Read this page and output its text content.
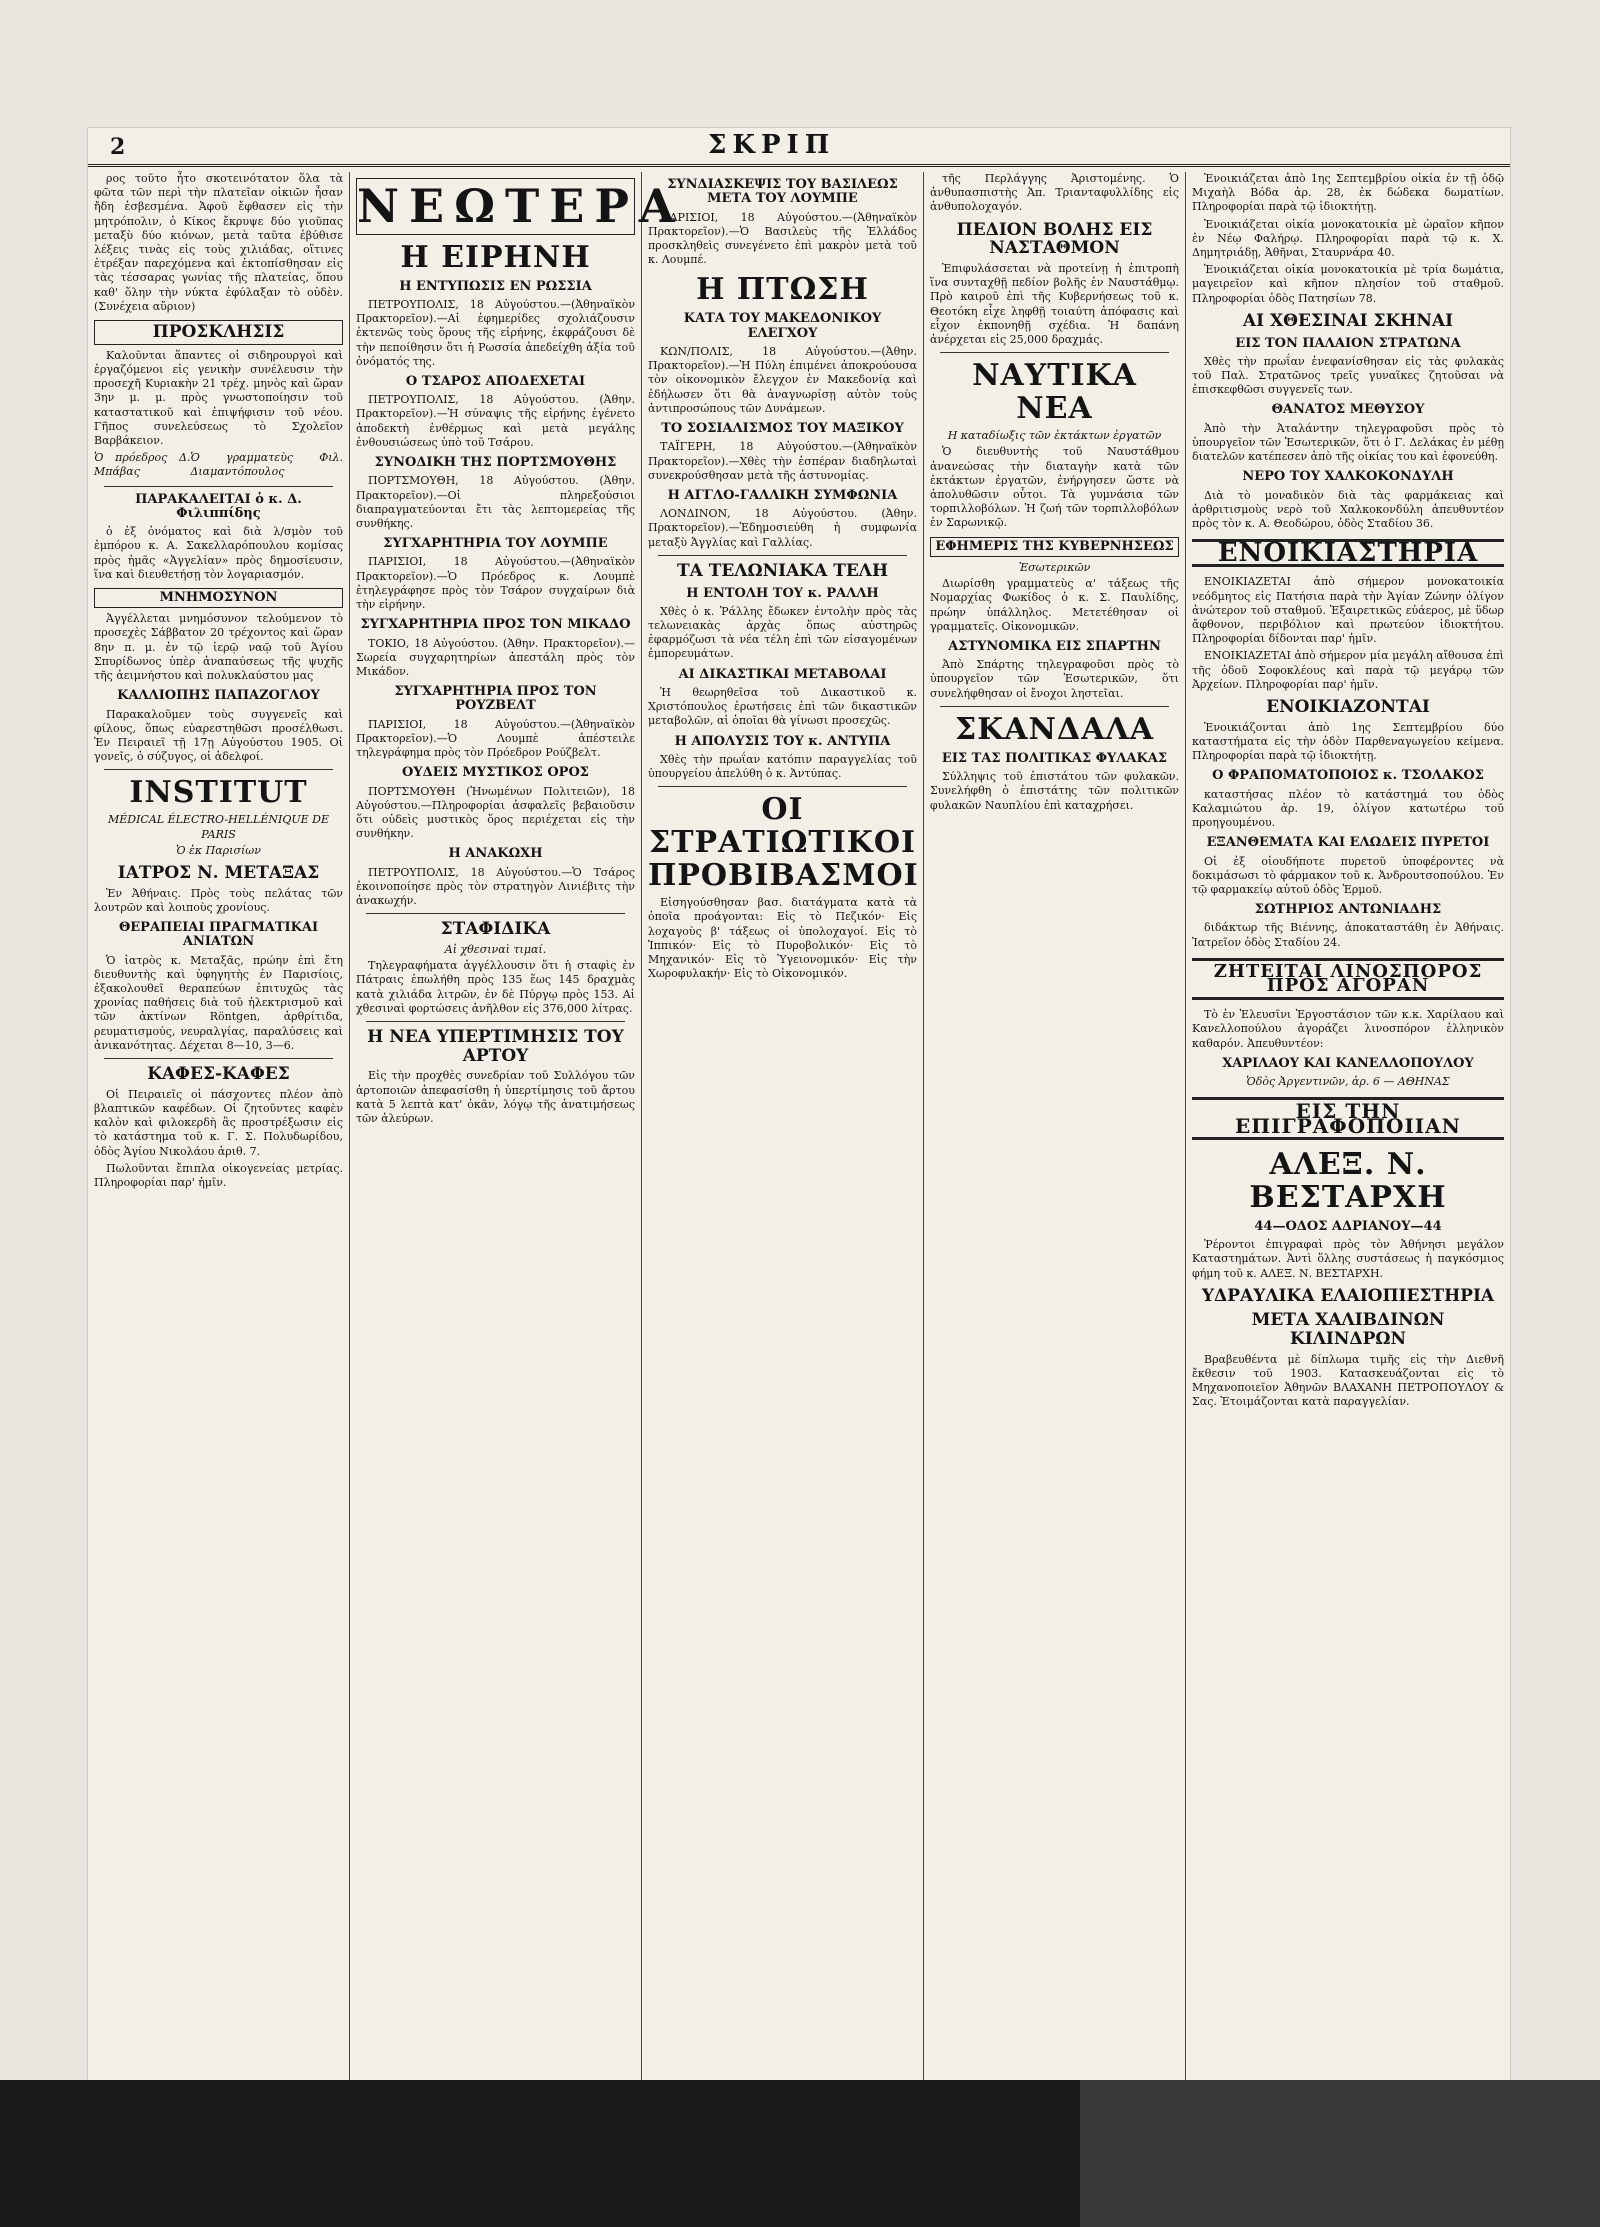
2	ΣΚΡΙΠ

ρος τοῦτο ἦτο σκοτεινότατον ὅλα τὰ φῶτα τῶν περὶ τὴν πλατεῖαν οἰκιῶν ἦσαν ἤδη ἐσβεσμένα. Ἀφοῦ ἔφθασεν εἰς τὴν μητρόπολιν, ὁ Κίκος ἔκρυψε δύο γιοῦπας μεταξὺ δύο κιόνων, μετὰ ταῦτα ἐβύθισε λέξεις τινὰς εἰς τοὺς χιλιάδας, οἵτινες ἐτρέξαν παρεχόμενα καὶ ἐκτοπίσθησαν εἰς τὰς τέσσαρας γωνίας τῆς πλατείας, ὅπου καθ' ὅλην τὴν νύκτα ἐφύλαξαν τὸ οὐδὲν. (Συνέχεια αὔριον)

ΠΡΟΣΚΛΗΣΙΣ

Καλοῦνται ἅπαντες οἱ σιδηρουργοὶ καὶ ἐργαζόμενοι εἰς γενικὴν συνέλευσιν τὴν προσεχῆ Κυριακὴν 21 τρέχ. μηνὸς καὶ ὥραν 3ην μ. μ. πρὸς γνωστοποίησιν τοῦ καταστατικοῦ καὶ ἐπιψήφισιν τοῦ νέου. Γῆπος συνελεύσεως τὸ Σχολεῖον Βαρβάκειον.

Ὁ πρόεδρος Δ. Μπάβας
Ὁ γραμματεὺς Φιλ. Διαμαντόπουλος
ΠΑΡΑΚΑΛΕΙΤΑΙ ὁ κ. Δ. Φιλιππίδης

ὁ ἐξ ὀνόματος καὶ διὰ λ/σμὸν τοῦ ἐμπόρου κ. Α. Σακελλαρόπουλου κομίσας πρὸς ἡμᾶς «Ἀγγελίαν» πρὸς δημοσίευσιν, ἵνα καὶ διευθετήσῃ τὸν λογαριασμόν.

ΜΝΗΜΟΣΥΝΟΝ

Ἀγγέλλεται μνημόσυνον τελούμενον τὸ προσεχὲς Σάββατον 20 τρέχοντος καὶ ὥραν 8ην π. μ. ἐν τῷ ἱερῷ ναῷ τοῦ Ἁγίου Σπυρίδωνος ὑπὲρ ἀναπαύσεως τῆς ψυχῆς τῆς ἀειμνήστου καὶ πολυκλαύστου μας

ΚΑΛΛΙΟΠΗΣ ΠΑΠΑΖΟΓΛΟΥ

Παρακαλοῦμεν τοὺς συγγενεῖς καὶ φίλους, ὅπως εὐαρεστηθῶσι προσέλθωσι. Ἐν Πειραιεῖ τῇ 17ῃ Αὐγούστου 1905. Οἱ γονεῖς, ὁ σύζυγος, οἱ ἀδελφοί.

INSTITUT
MÉDICAL ÉLECTRO-HELLÉNIQUE DE PARIS
Ὁ ἐκ Παρισίων
ΙΑΤΡΟΣ Ν. ΜΕΤΑΞΑΣ

Ἐν Ἀθήναις. Πρὸς τοὺς πελάτας τῶν λουτρῶν καὶ λοιποὺς χρονίους.

ΘΕΡΑΠΕΙΑΙ ΠΡΑΓΜΑΤΙΚΑΙ ΑΝΙΑΤΩΝ

Ὁ ἰατρὸς κ. Μεταξᾶς, πρώην ἐπὶ ἔτη διευθυντὴς καὶ ὑφηγητὴς ἐν Παρισίοις, ἐξακολουθεῖ θεραπεύων ἐπιτυχῶς τὰς χρονίας παθήσεις διὰ τοῦ ἠλεκτρισμοῦ καὶ τῶν ἀκτίνων Röntgen, ἀρθρίτιδα, ρευματισμούς, νευραλγίας, παραλύσεις καὶ ἀνικανότητας. Δέχεται 8—10, 3—6.

ΚΑΦΕΣ-ΚΑΦΕΣ

Οἱ Πειραιεῖς οἱ πάσχοντες πλέον ἀπὸ βλαπτικῶν καφέδων. Οἱ ζητοῦντες καφὲν καλὸν καὶ φιλοκερδὴ ἃς προστρέξωσιν εἰς τὸ κατάστημα τοῦ κ. Γ. Σ. Πολυδωρίδου, ὁδὸς Ἁγίου Νικολάου ἀριθ. 7.

Πωλοῦνται ἔπιπλα οἰκογενείας μετρίας. Πληροφορίαι παρ' ἡμῖν.

ΝΕΩΤΕΡΑ
Η ΕΙΡΗΝΗ
Η ΕΝΤΥΠΩΣΙΣ ΕΝ ΡΩΣΣΙΑ

ΠΕΤΡΟΥΠΟΛΙΣ, 18 Αὐγούστου.—(Ἀθηναϊκὸν Πρακτορεῖον).—Αἱ ἐφημερίδες σχολιάζουσιν ἐκτενῶς τοὺς ὅρους τῆς εἰρήνης, ἐκφράζουσι δὲ τὴν πεποίθησιν ὅτι ἡ Ρωσσία ἀπεδείχθη ἀξία τοῦ ὀνόματός της.

Ο ΤΣΑΡΟΣ ΑΠΟΔΕΧΕΤΑΙ

ΠΕΤΡΟΥΠΟΛΙΣ, 18 Αὐγούστου. (Ἀθην. Πρακτορεῖον).—Ἡ σύναψις τῆς εἰρήνης ἐγένετο ἀποδεκτὴ ἐνθέρμως καὶ μετὰ μεγάλης ἐνθουσιώσεως ὑπὸ τοῦ Τσάρου.

ΣΥΝΟΔΙΚΗ ΤΗΣ ΠΟΡΤΣΜΟΥΘΗΣ

ΠΟΡΤΣΜΟΥΘΗ, 18 Αὐγούστου. (Ἀθην. Πρακτορεῖον).—Οἱ πληρεξούσιοι διαπραγματεύονται ἔτι τὰς λεπτομερείας τῆς συνθήκης.

ΣΥΓΧΑΡΗΤΗΡΙΑ ΤΟΥ ΛΟΥΜΠΕ

ΠΑΡΙΣΙΟΙ, 18 Αὐγούστου.—(Ἀθηναϊκὸν Πρακτορεῖον).—Ὁ Πρόεδρος κ. Λουμπὲ ἐτηλεγράφησε πρὸς τὸν Τσάρον συγχαίρων διὰ τὴν εἰρήνην.

ΣΥΓΧΑΡΗΤΗΡΙΑ ΠΡΟΣ ΤΟΝ ΜΙΚΑΔΟ

ΤΟΚΙΟ, 18 Αὐγούστου. (Ἀθην. Πρακτορεῖον).—Σωρεία συγχαρητηρίων ἀπεστάλη πρὸς τὸν Μικάδον.

ΣΥΓΧΑΡΗΤΗΡΙΑ ΠΡΟΣ ΤΟΝ ΡΟΥΖΒΕΛΤ

ΠΑΡΙΣΙΟΙ, 18 Αὐγούστου.—(Ἀθηναϊκὸν Πρακτορεῖον).—Ὁ Λουμπὲ ἀπέστειλε τηλεγράφημα πρὸς τὸν Πρόεδρον Ρούζβελτ.

ΟΥΔΕΙΣ ΜΥΣΤΙΚΟΣ ΟΡΟΣ

ΠΟΡΤΣΜΟΥΘΗ (Ἡνωμένων Πολιτειῶν), 18 Αὐγούστου.—Πληροφορίαι ἀσφαλεῖς βεβαιοῦσιν ὅτι οὐδεὶς μυστικὸς ὅρος περιέχεται εἰς τὴν συνθήκην.

Η ΑΝΑΚΩΧΗ

ΠΕΤΡΟΥΠΟΛΙΣ, 18 Αὐγούστου.—Ὁ Τσάρος ἐκοινοποίησε πρὸς τὸν στρατηγὸν Λινιέβιτς τὴν ἀνακωχήν.

ΣΤΑΦΙΔΙΚΑ
Αἱ χθεσιναὶ τιμαί.

Τηλεγραφήματα ἀγγέλλουσιν ὅτι ἡ σταφὶς ἐν Πάτραις ἐπωλήθη πρὸς 135 ἕως 145 δραχμὰς κατὰ χιλιάδα λιτρῶν, ἐν δὲ Πύργῳ πρὸς 153. Αἱ χθεσιναὶ φορτώσεις ἀνῆλθον εἰς 376,000 λίτρας.

Η ΝΕΑ ΥΠΕΡΤΙΜΗΣΙΣ ΤΟΥ ΑΡΤΟΥ

Εἰς τὴν προχθὲς συνεδρίαν τοῦ Συλλόγου τῶν ἀρτοποιῶν ἀπεφασίσθη ἡ ὑπερτίμησις τοῦ ἄρτου κατὰ 5 λεπτὰ κατ' ὀκᾶν, λόγῳ τῆς ἀνατιμήσεως τῶν ἀλεύρων.

ΣΥΝΔΙΑΣΚΕΨΙΣ ΤΟΥ ΒΑΣΙΛΕΩΣ ΜΕΤΑ ΤΟΥ ΛΟΥΜΠΕ

ΠΑΡΙΣΙΟΙ, 18 Αὐγούστου.—(Ἀθηναϊκὸν Πρακτορεῖον).—Ὁ Βασιλεὺς τῆς Ἑλλάδος προσκληθεὶς συνεγένετο ἐπὶ μακρὸν μετὰ τοῦ κ. Λουμπέ.

Η ΠΤΩΣΗ
ΚΑΤΑ ΤΟΥ ΜΑΚΕΔΟΝΙΚΟΥ ΕΛΕΓΧΟΥ

ΚΩΝ/ΠΟΛΙΣ, 18 Αὐγούστου.—(Ἀθην. Πρακτορεῖον).—Ἡ Πύλη ἐπιμένει ἀποκρούουσα τὸν οἰκονομικὸν ἔλεγχον ἐν Μακεδονίᾳ καὶ ἐδήλωσεν ὅτι θὰ ἀναγνωρίσῃ αὐτὸν τοὺς ἀντιπροσώπους τῶν Δυνάμεων.

ΤΟ ΣΟΣΙΑΛΙΣΜΟΣ ΤΟΥ ΜΑΞΙΚΟΥ

ΤΑΪΓΕΡΗ, 18 Αὐγούστου.—(Ἀθηναϊκὸν Πρακτορεῖον).—Χθὲς τὴν ἑσπέραν διαδηλωταὶ συνεκρούσθησαν μετὰ τῆς ἀστυνομίας.

Η ΑΓΓΛΟ-ΓΑΛΛΙΚΗ ΣΥΜΦΩΝΙΑ

ΛΟΝΔΙΝΟΝ, 18 Αὐγούστου. (Ἀθην. Πρακτορεῖον).—Ἐδημοσιεύθη ἡ συμφωνία μεταξὺ Ἀγγλίας καὶ Γαλλίας.

ΤΑ ΤΕΛΩΝΙΑΚΑ ΤΕΛΗ
Η ΕΝΤΟΛΗ ΤΟΥ κ. ΡΑΛΛΗ

Χθὲς ὁ κ. Ῥάλλης ἔδωκεν ἐντολὴν πρὸς τὰς τελωνειακὰς ἀρχὰς ὅπως αὐστηρῶς ἐφαρμόζωσι τὰ νέα τέλη ἐπὶ τῶν εἰσαγομένων ἐμπορευμάτων.

ΑΙ ΔΙΚΑΣΤΙΚΑΙ ΜΕΤΑΒΟΛΑΙ

Ἡ θεωρηθεῖσα τοῦ Δικαστικοῦ κ. Χριστόπουλος ἐρωτήσεις ἐπὶ τῶν δικαστικῶν μεταβολῶν, αἱ ὁποῖαι θὰ γίνωσι προσεχῶς.

Η ΑΠΟΛΥΣΙΣ ΤΟΥ κ. ΑΝΤΥΠΑ

Χθὲς τὴν πρωΐαν κατόπιν παραγγελίας τοῦ ὑπουργείου ἀπελύθη ὁ κ. Ἀντύπας.

ΟΙ ΣΤΡΑΤΙΩΤΙΚΟΙ ΠΡΟΒΙΒΑΣΜΟΙ

Εἰσηγούσθησαν βασ. διατάγματα κατὰ τὰ ὁποῖα προάγονται: Εἰς τὸ Πεζικόν· Εἰς λοχαγοὺς β' τάξεως οἱ ὑπολοχαγοί. Εἰς τὸ Ἱππικόν· Εἰς τὸ Πυροβολικόν· Εἰς τὸ Μηχανικόν· Εἰς τὸ Ὑγειονομικόν· Εἰς τὴν Χωροφυλακήν· Εἰς τὸ Οἰκονομικόν.

τῆς Περλάγγης Ἀριστομένης. Ὁ ἀνθυπασπιστὴς Ἀπ. Τριανταφυλλίδης εἰς ἀνθυπολοχαγόν.

ΠΕΔΙΟΝ ΒΟΛΗΣ ΕΙΣ ΝΑΣΤΑΘΜΟΝ

Ἐπιφυλάσσεται νὰ προτείνῃ ἡ ἐπιτροπὴ ἵνα συνταχθῇ πεδίον βολῆς ἐν Ναυστάθμῳ. Πρὸ καιροῦ ἐπὶ τῆς Κυβερνήσεως τοῦ κ. Θεοτόκη εἶχε ληφθῇ τοιαύτη ἀπόφασις καὶ εἶχον ἐκπονηθῇ σχέδια. Ἡ δαπάνη ἀνέρχεται εἰς 25,000 δραχμάς.

ΝΑΥΤΙΚΑ ΝΕΑ
Η καταδίωξις τῶν ἐκτάκτων ἐργατῶν

Ὁ διευθυντὴς τοῦ Ναυστάθμου ἀνανεώσας τὴν διαταγὴν κατὰ τῶν ἐκτάκτων ἐργατῶν, ἐνήργησεν ὥστε νὰ ἀπολυθῶσιν οὗτοι. Τὰ γυμνάσια τῶν τορπιλλοβόλων. Ἡ ζωή τῶν τορπιλλοβόλων ἐν Σαρωνικῷ.

ΕΦΗΜΕΡΙΣ ΤΗΣ ΚΥΒΕΡΝΗΣΕΩΣ
Ἐσωτερικῶν

Διωρίσθη γραμματεὺς α' τάξεως τῆς Νομαρχίας Φωκίδος ὁ κ. Σ. Παυλίδης, πρώην ὑπάλληλος. Μετετέθησαν οἱ γραμματεῖς. Οἰκονομικῶν.

ΑΣΤΥΝΟΜΙΚΑ ΕΙΣ ΣΠΑΡΤΗΝ

Ἀπὸ Σπάρτης τηλεγραφοῦσι πρὸς τὸ ὑπουργεῖον τῶν Ἐσωτερικῶν, ὅτι συνελήφθησαν οἱ ἔνοχοι ληστεῖαι.

ΣΚΑΝΔΑΛΑ
ΕΙΣ ΤΑΣ ΠΟΛΙΤΙΚΑΣ ΦΥΛΑΚΑΣ

Σύλληψις τοῦ ἐπιστάτου τῶν φυλακῶν. Συνελήφθη ὁ ἐπιστάτης τῶν πολιτικῶν φυλακῶν Ναυπλίου ἐπὶ καταχρήσει.

Ἐνοικιάζεται ἀπὸ 1ης Σεπτεμβρίου οἰκία ἐν τῇ ὁδῷ Μιχαὴλ Βόδα ἀρ. 28, ἐκ δώδεκα δωματίων. Πληροφορίαι παρὰ τῷ ἰδιοκτήτῃ.

Ἐνοικιάζεται οἰκία μονοκατοικία μὲ ὡραῖον κῆπον ἐν Νέῳ Φαλήρῳ. Πληροφορίαι παρὰ τῷ κ. Χ. Δημητριάδῃ, Ἀθῆναι, Σταυρνάρα 40.

Ἐνοικιάζεται οἰκία μονοκατοικία μὲ τρία δωμάτια, μαγειρεῖον καὶ κῆπον πλησίον τοῦ σταθμοῦ. Πληροφορίαι ὁδὸς Πατησίων 78.

ΑΙ ΧΘΕΣΙΝΑΙ ΣΚΗΝΑΙ
ΕΙΣ ΤΟΝ ΠΑΛΑΙΟΝ ΣΤΡΑΤΩΝΑ

Χθὲς τὴν πρωΐαν ἐνεφανίσθησαν εἰς τὰς φυλακὰς τοῦ Παλ. Στρατῶνος τρεῖς γυναῖκες ζητοῦσαι νὰ ἐπισκεφθῶσι συγγενεῖς των.

ΘΑΝΑΤΟΣ ΜΕΘΥΣΟΥ

Ἀπὸ τὴν Ἀταλάντην τηλεγραφοῦσι πρὸς τὸ ὑπουργεῖον τῶν Ἐσωτερικῶν, ὅτι ὁ Γ. Δελάκας ἐν μέθῃ διατελῶν κατέπεσεν ἀπὸ τῆς οἰκίας του καὶ ἐφονεύθη.

ΝΕΡΟ ΤΟΥ ΧΑΛΚΟΚΟΝΔΥΛΗ

Διὰ τὸ μοναδικὸν διὰ τὰς φαρμάκειας καὶ ἀρθριτισμοὺς νερὸ τοῦ Χαλκοκονδύλη ἀπευθυντέον πρὸς τὸν κ. Α. Θεοδώρου, ὁδὸς Σταδίου 36.

ΕΝΟΙΚΙΑΣΤΗΡΙΑ

ΕΝΟΙΚΙΑΖΕΤΑΙ ἀπὸ σήμερον μονοκατοικία νεόδμητος εἰς Πατήσια παρὰ τὴν Ἁγίαν Ζώνην ὀλίγον ἀνώτερον τοῦ σταθμοῦ. Ἐξαιρετικῶς εὐάερος, μὲ ὕδωρ ἄφθονον, περιβόλιον καὶ πρωτεύον ἰδιοκτήτου. Πληροφορίαι δίδονται παρ' ἡμῖν.

ΕΝΟΙΚΙΑΖΕΤΑΙ ἀπὸ σήμερον μία μεγάλη αἴθουσα ἐπὶ τῆς ὁδοῦ Σοφοκλέους καὶ παρὰ τῷ μεγάρῳ τῶν Ἀρχείων. Πληροφορίαι παρ' ἡμῖν.

ΕΝΟΙΚΙΑΖΟΝΤΑΙ

Ἐνοικιάζονται ἀπὸ 1ης Σεπτεμβρίου δύο καταστήματα εἰς τὴν ὁδὸν Παρθεναγωγείου κείμενα. Πληροφορίαι παρὰ τῷ ἰδιοκτήτῃ.

Ο ΦΡΑΠΟΜΑΤΟΠΟΙΟΣ κ. ΤΣΟΛΑΚΟΣ

καταστήσας πλέον τὸ κατάστημά του ὁδὸς Καλαμιώτου ἀρ. 19, ὀλίγον κατωτέρω τοῦ προηγουμένου.

ΕΞΑΝΘΕΜΑΤΑ ΚΑΙ ΕΛΩΔΕΙΣ ΠΥΡΕΤΟΙ

Οἱ ἐξ οἱουδήποτε πυρετοῦ ὑποφέροντες νὰ δοκιμάσωσι τὸ φάρμακον τοῦ κ. Ἀνδρουτσοπούλου. Ἐν τῷ φαρμακείῳ αὐτοῦ ὁδὸς Ἑρμοῦ.

ΣΩΤΗΡΙΟΣ ΑΝΤΩΝΙΑΔΗΣ

διδάκτωρ τῆς Βιέννης, ἀποκαταστάθη ἐν Ἀθήναις. Ἰατρεῖον ὁδὸς Σταδίου 24.

ΖΗΤΕΙΤΑΙ ΛΙΝΟΣΠΟΡΟΣ ΠΡΟΣ ΑΓΟΡΑΝ

Τὸ ἐν Ἐλευσῖνι Ἐργοστάσιον τῶν κ.κ. Χαρίλαου καὶ Κανελλοπούλου ἀγοράζει λινοσπόρον ἑλληνικὸν καθαρόν. Ἀπευθυντέον:

ΧΑΡΙΛΑΟΥ ΚΑΙ ΚΑΝΕΛΛΟΠΟΥΛΟΥ
Ὁδὸς Ἀργεντινῶν, ἀρ. 6 — ΑΘΗΝΑΣ
ΕΙΣ ΤΗΝ ΕΠΙΓΡΑΦΟΠΟΙΙΑΝ
ΑΛΕΞ. Ν. ΒΕΣΤΑΡΧΗ
44—ΟΔΟΣ ΑΔΡΙΑΝΟΥ—44

Ῥέροντοι ἐπιγραφαὶ πρὸς τὸν Ἀθήνησι μεγάλον Καταστημάτων. Ἀντὶ ὅλλης συστάσεως ἡ παγκόσμιος φήμη τοῦ κ. ΑΛΕΞ. Ν. ΒΕΣΤΑΡΧΗ.

ΥΔΡΑΥΛΙΚΑ ΕΛΑΙΟΠΙΕΣΤΗΡΙΑ
ΜΕΤΑ ΧΑΛΙΒΔΙΝΩΝ ΚΙΛΙΝΔΡΩΝ

Βραβευθέντα μὲ δίπλωμα τιμῆς εἰς τὴν Διεθνῆ ἔκθεσιν τοῦ 1903. Κατασκευάζονται εἰς τὸ Μηχανοποιεῖον Ἀθηνῶν ΒΛΑΧΑΝΗ ΠΕΤΡΟΠΟΥΛΟΥ & Σας. Ἐτοιμάζονται κατὰ παραγγελίαν.
